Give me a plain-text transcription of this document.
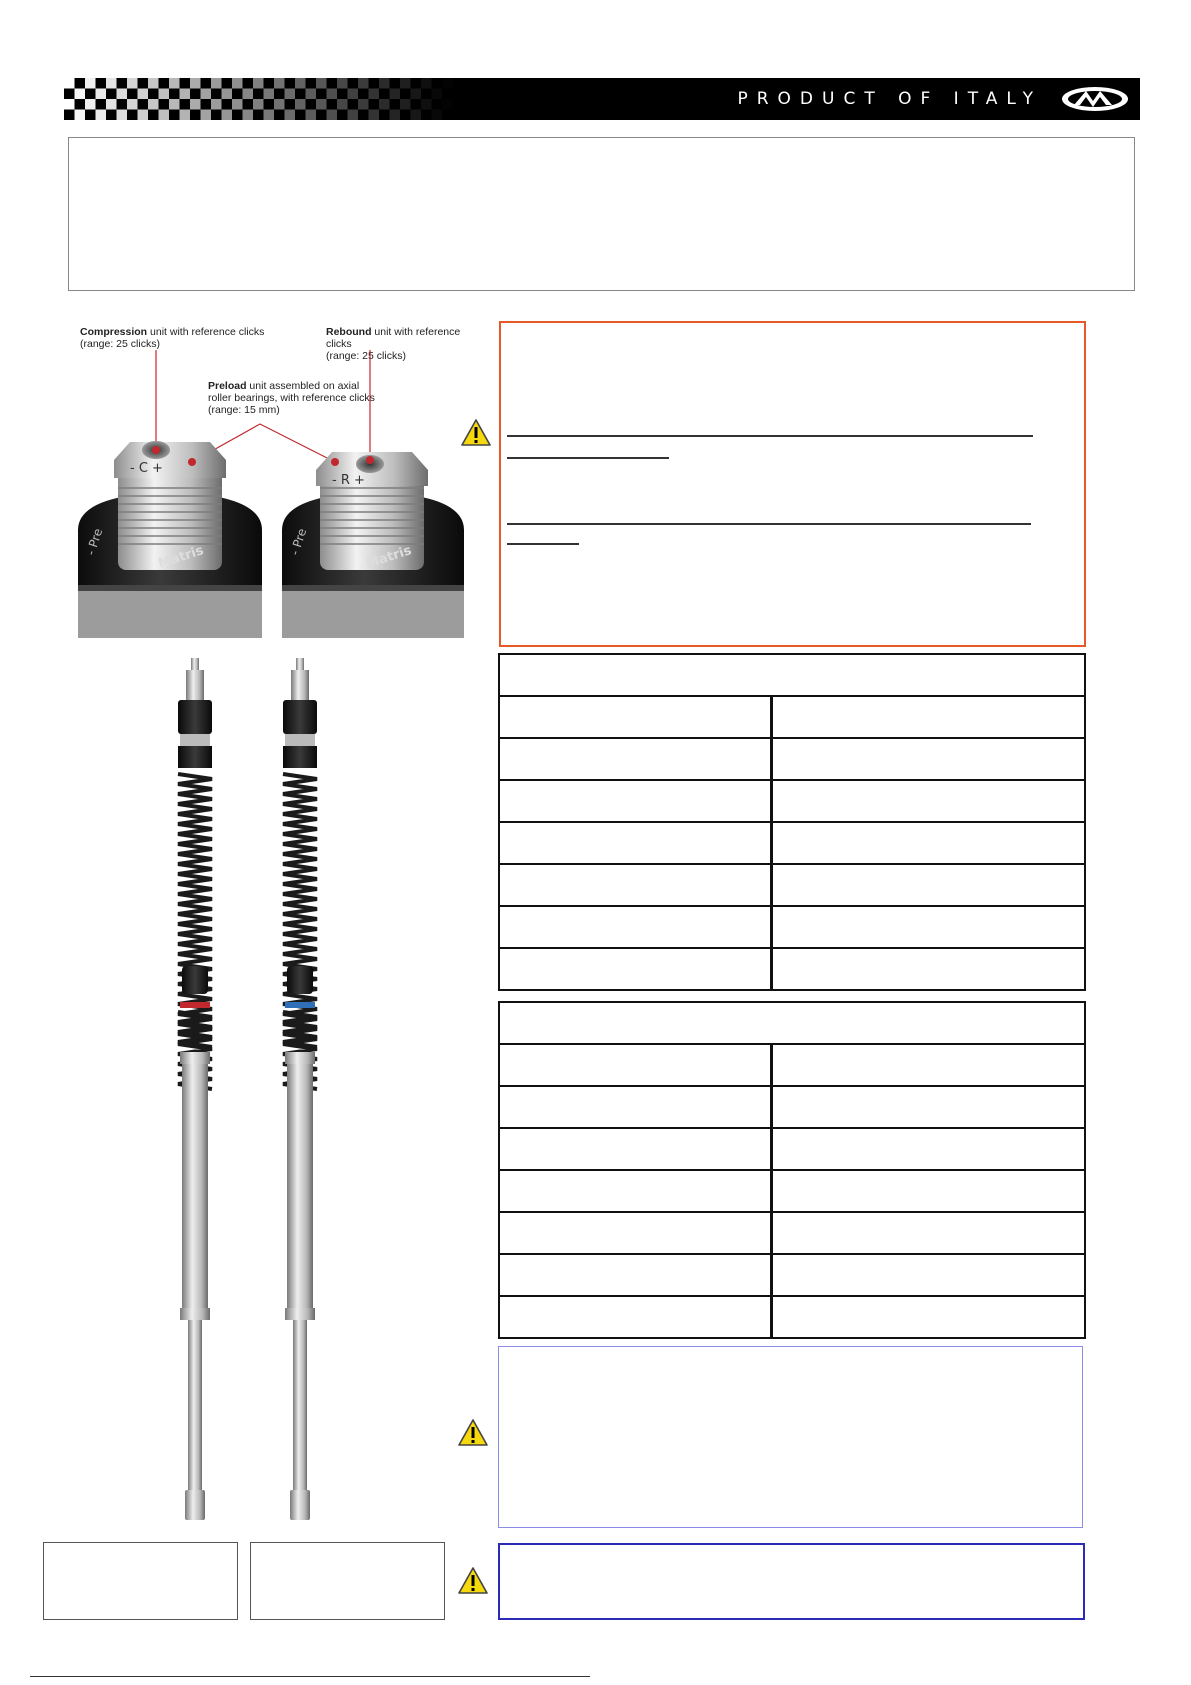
PRODUCT OF ITALY
Compression unit with reference clicks
(range: 25 clicks)
Rebound unit with reference clicks
(range: 25 clicks)
Preload unit assembled on axial
roller bearings, with reference clicks
(range: 15 mm)
- C +
- R +
Matris	Matris
- Pre	- Pre
